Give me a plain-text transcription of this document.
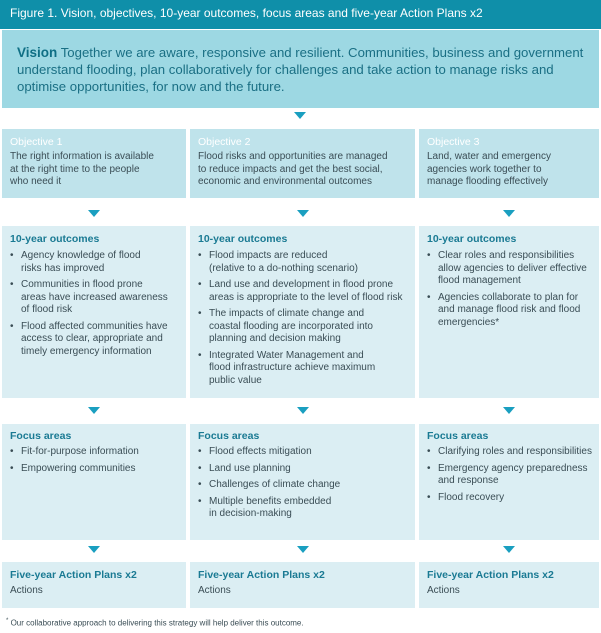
Figure 1. Vision, objectives, 10-year outcomes, focus areas and five-year Action Plans x2
Vision Together we are aware, responsive and resilient. Communities, business and government understand flooding, plan collaboratively for challenges and take action to manage risks and optimise opportunities, for now and the future.
Objective 1
The right information is available
at the right time to the people
who need it
10-year outcomes
• Agency knowledge of flood
risks has improved
• Communities in flood prone
areas have increased awareness
of flood risk
• Flood affected communities have
access to clear, appropriate and
timely emergency information
Focus areas
• Fit-for-purpose information
• Empowering communities
Five-year Action Plans x2
Actions
Objective 2
Flood risks and opportunities are managed
to reduce impacts and get the best social,
economic and environmental outcomes
10-year outcomes
• Flood impacts are reduced
(relative to a do-nothing scenario)
• Land use and development in flood prone
areas is appropriate to the level of flood risk
• The impacts of climate change and
coastal flooding are incorporated into
planning and decision making
• Integrated Water Management and
flood infrastructure achieve maximum
public value
Focus areas
• Flood effects mitigation
• Land use planning
• Challenges of climate change
• Multiple benefits embedded
in decision-making
Five-year Action Plans x2
Actions
Objective 3
Land, water and emergency
agencies work together to
manage flooding effectively
10-year outcomes
• Clear roles and responsibilities
allow agencies to deliver effective
flood management
• Agencies collaborate to plan for
and manage flood risk and flood
emergencies*
Focus areas
• Clarifying roles and responsibilities
• Emergency agency preparedness
and response
• Flood recovery
Five-year Action Plans x2
Actions
* Our collaborative approach to delivering this strategy will help deliver this outcome.
